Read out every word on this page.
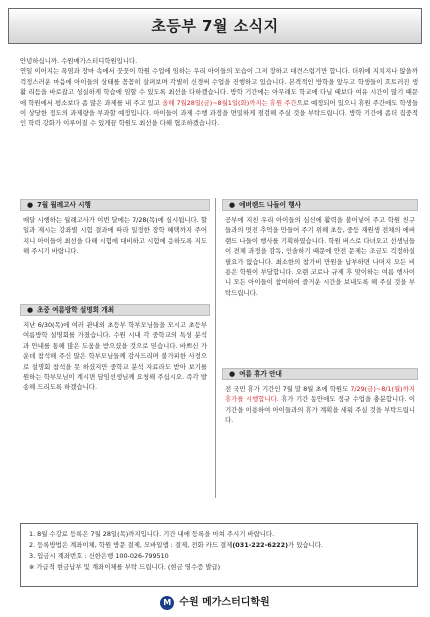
초등부 7월 소식지

안녕하십니까. 수원메가스터디학원입니다.

연일 이어지는 폭염과 장마 속에서 꿋꿋이 학원 수업에 임하는 우리 아이들의 모습이 그저 장하고 대견스럽기만 합니다. 더위에 지치지나 않을까 걱정스러운 마음에 아이들의 상태를 꼼꼼히 살펴보며 각별히 신경써 수업을 진행하고 있습니다. 본격적인 방학을 앞두고 학생들이 흐트러진 생활 리듬을 바로잡고 성실하게 학습에 임할 수 있도록 최선을 다하겠습니다. 방학 기간에는 아무래도 학교에 다닐 때보다 여유 시간이 많기 때문에 학원에서 평소보다 좀 많은 과제를 내 주고 있고 올해 7월28일(금)~8월1일(화)까지는 휴원 주간으로 예정되어 있으니 휴원 주간에도 학생들이 상당한 정도의 과제량을 부과할 예정입니다. 아이들이 과제 수행 과정을 면밀하게 점검해 주실 것을 부탁드립니다. 방학 기간에 좀더 집중적인 학력 강화가 이루어질 수 있게끔 학원도 최선을 다해 협조하겠습니다.

● 7월 월례고사 시행
매달 시행하는 월례고사가 이번 달에는 7/28(목)에 실시됩니다. 할 일과 제시는 강좌별 시험 결과에 따라 일정한 장학 혜택까지 주어지니 아이들이 최선을 다해 시험에 대비하고 시험에 응하도록 지도해 주시기 바랍니다.
● 초중 여름방학 설명회 개최
지난 6/30(목)에 여러 관내외 초등부 학부모님들을 모시고 초등부 여름방학 설명회를 가졌습니다. 수원 시내 각 중학교의 특성 분석과 안내를 통해 많은 도움을 받으셨을 것으로 믿습니다. 바쁘신 가운데 참석해 주신 많은 학부모님들께 감사드리며 불가피한 사정으로 설명회 참석을 못 하셨지만 중학교 분석 자료라도 받아 보기를 원하는 학부모님이 계시면 담임선생님께 요청해 주십시오. 즉각 발송해 드리도록 하겠습니다.
● 에버랜드 나들이 행사
공부에 지친 우리 아이들의 심신에 활력을 불어넣어 주고 학원 친구들과의 멋진 추억을 만들어 주기 위해 초등, 중등 재원생 전체의 에버랜드 나들이 행사를 기획하였습니다. 학원 버스로 다녀오고 선생님들이 전체 과정을 감독, 인솔하기 때문에 안전 문제는 조금도 걱정하실 필요가 없습니다. 최소한의 참가비 만원을 납부하면 나머지 모든 비용은 학원이 부담합니다. 오랜 코로나 규제 후 맞이하는 여름 행사이니 모든 아이들이 참여하여 즐거운 시간을 보내도록 해 주실 것을 부탁드립니다.
● 여름 휴가 안내
전 국민 휴가 기간인 7월 말 8월 초에 학원도 7/29(금)~8/1(월)까지 휴가를 시행합니다. 휴가 기간 동안에도 정규 수업을 충분합니다. 이 기간을 이용하여 아이들과의 휴가 계획을 세워 주실 것을 부탁드립니다.

1. 8월 수강료 등록은 7월 28일(목)까지입니다. 기간 내에 등록을 마쳐 주시기 바랍니다.

2. 등록방법은 계좌이체, 학원 방문 결제, 모바일앱 : 결제, 전화 카드 결제(031-222-6222)가 있습니다.

3. 입금시 계좌번호 : 신한은행 100-026-799510

※ 가급적 현금납부 및 계좌이체를 부탁 드립니다. (현금 영수증 발급)

M 수원 메가스터디학원
